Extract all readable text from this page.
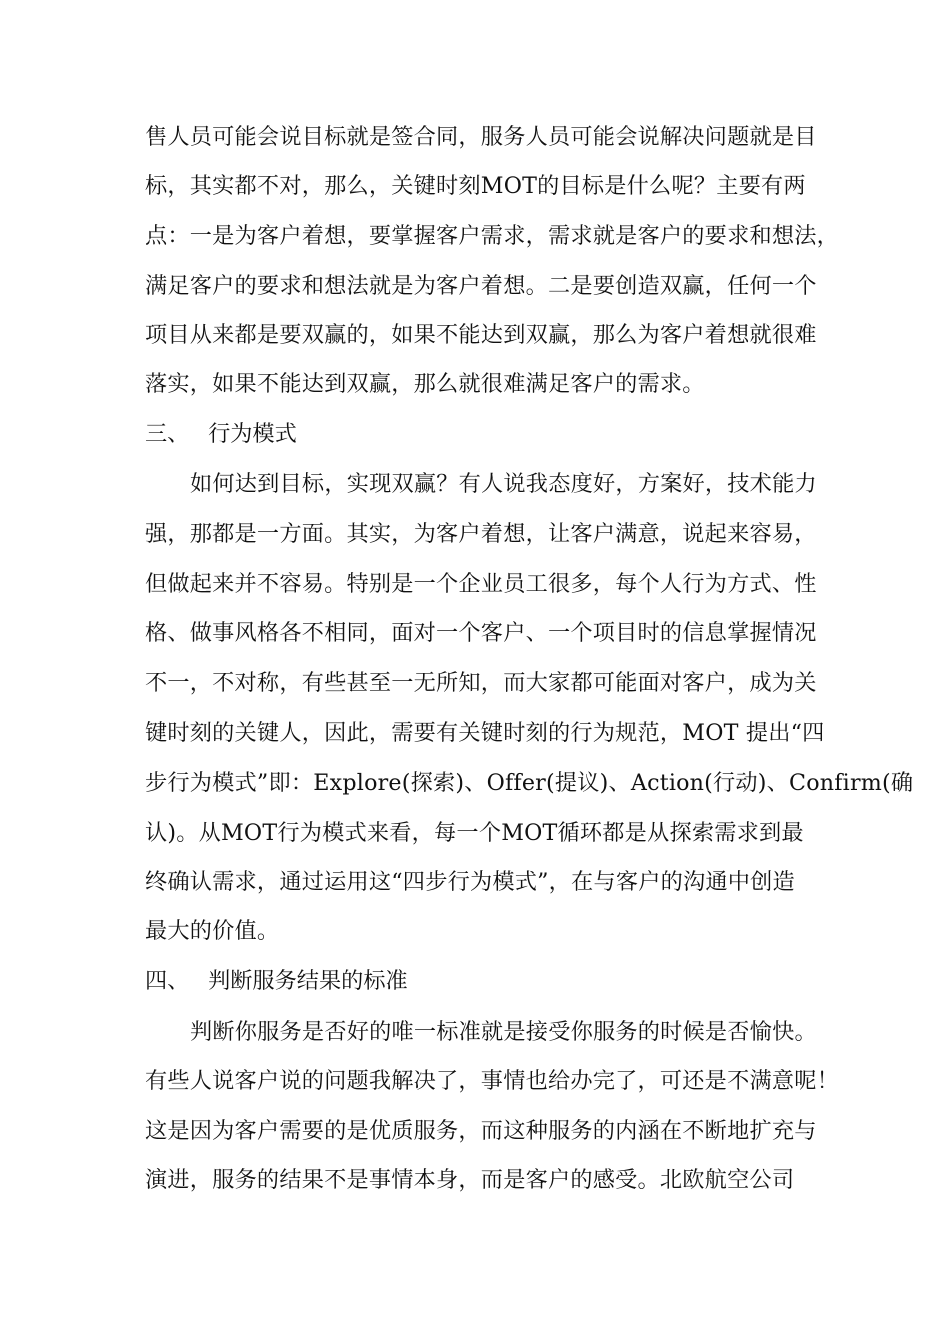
售人员可能会说目标就是签合同，服务人员可能会说解决问题就是目
标，其实都不对，那么，关键时刻MOT的目标是什么呢？主要有两
点：一是为客户着想，要掌握客户需求，需求就是客户的要求和想法，
满足客户的要求和想法就是为客户着想。二是要创造双赢，任何一个
项目从来都是要双赢的，如果不能达到双赢，那么为客户着想就很难
落实，如果不能达到双赢，那么就很难满足客户的需求。
三、 行为模式
如何达到目标，实现双赢？有人说我态度好，方案好，技术能力
强，那都是一方面。其实，为客户着想，让客户满意，说起来容易，
但做起来并不容易。特别是一个企业员工很多，每个人行为方式、性
格、做事风格各不相同，面对一个客户、一个项目时的信息掌握情况
不一，不对称，有些甚至一无所知，而大家都可能面对客户，成为关
键时刻的关键人，因此，需要有关键时刻的行为规范，MOT 提出“四
步行为模式”即：Explore(探索)、Offer(提议)、Action(行动)、Confirm(确
认)。从MOT行为模式来看，每一个MOT循环都是从探索需求到最
终确认需求，通过运用这“四步行为模式”，在与客户的沟通中创造
最大的价值。
四、 判断服务结果的标准
判断你服务是否好的唯一标准就是接受你服务的时候是否愉快。
有些人说客户说的问题我解决了，事情也给办完了，可还是不满意呢！
这是因为客户需要的是优质服务，而这种服务的内涵在不断地扩充与
演进，服务的结果不是事情本身，而是客户的感受。北欧航空公司
